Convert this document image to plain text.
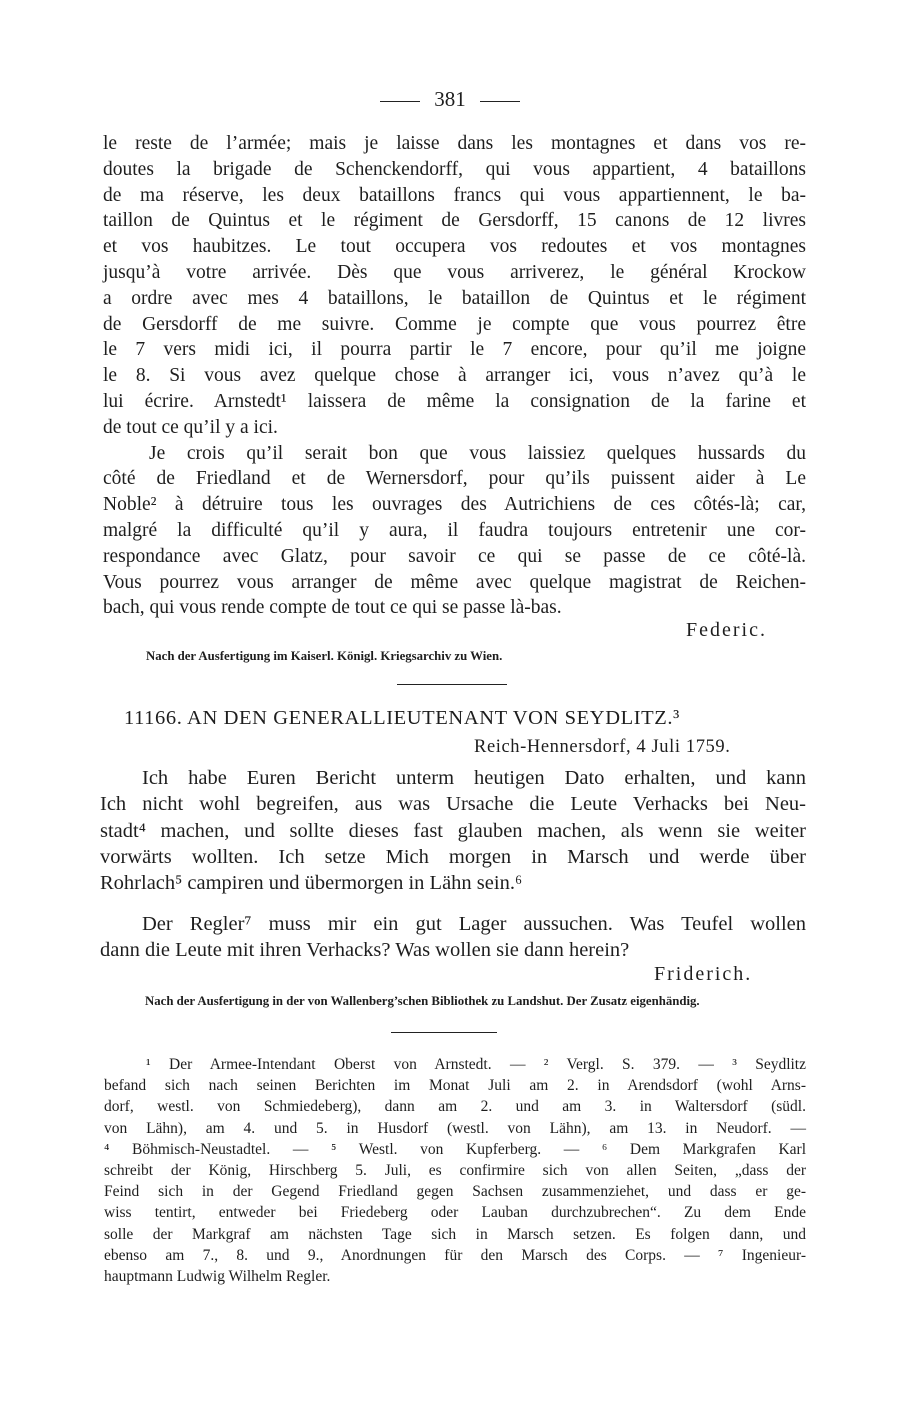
381
le reste de l’armée; mais je laisse dans les montagnes et dans vos re-
doutes la brigade de Schenckendorff, qui vous appartient, 4 bataillons
de ma réserve, les deux bataillons francs qui vous appartiennent, le ba-
taillon de Quintus et le régiment de Gersdorff, 15 canons de 12 livres
et vos haubitzes. Le tout occupera vos redoutes et vos montagnes
jusqu’à votre arrivée. Dès que vous arriverez, le général Krockow
a ordre avec mes 4 bataillons, le bataillon de Quintus et le régiment
de Gersdorff de me suivre. Comme je compte que vous pourrez être
le 7 vers midi ici, il pourra partir le 7 encore, pour qu’il me joigne
le 8. Si vous avez quelque chose à arranger ici, vous n’avez qu’à le
lui écrire. Arnstedt¹ laissera de même la consignation de la farine et
de tout ce qu’il y a ici.
Je crois qu’il serait bon que vous laissiez quelques hussards du
côté de Friedland et de Wernersdorf, pour qu’ils puissent aider à Le
Noble² à détruire tous les ouvrages des Autrichiens de ces côtés-là; car,
malgré la difficulté qu’il y aura, il faudra toujours entretenir une cor-
respondance avec Glatz, pour savoir ce qui se passe de ce côté-là.
Vous pourrez vous arranger de même avec quelque magistrat de Reichen-
bach, qui vous rende compte de tout ce qui se passe là-bas.
Federic.
Nach der Ausfertigung im Kaiserl. Königl. Kriegsarchiv zu Wien.
11166. AN DEN GENERALLIEUTENANT VON SEYDLITZ.³
Reich-Hennersdorf, 4 Juli 1759.
Ich habe Euren Bericht unterm heutigen Dato erhalten, und kann
Ich nicht wohl begreifen, aus was Ursache die Leute Verhacks bei Neu-
stadt⁴ machen, und sollte dieses fast glauben machen, als wenn sie weiter
vorwärts wollten. Ich setze Mich morgen in Marsch und werde über
Rohrlach⁵ campiren und übermorgen in Lähn sein.⁶
Der Regler⁷ muss mir ein gut Lager aussuchen. Was Teufel wollen
dann die Leute mit ihren Verhacks? Was wollen sie dann herein?
Friderich.
Nach der Ausfertigung in der von Wallenberg’schen Bibliothek zu Landshut. Der Zusatz eigenhändig.
¹ Der Armee-Intendant Oberst von Arnstedt. — ² Vergl. S. 379. — ³ Seydlitz
befand sich nach seinen Berichten im Monat Juli am 2. in Arendsdorf (wohl Arns-
dorf, westl. von Schmiedeberg), dann am 2. und am 3. in Waltersdorf (südl.
von Lähn), am 4. und 5. in Husdorf (westl. von Lähn), am 13. in Neudorf. —
⁴ Böhmisch-Neustadtel. — ⁵ Westl. von Kupferberg. — ⁶ Dem Markgrafen Karl
schreibt der König, Hirschberg 5. Juli, es confirmire sich von allen Seiten, „dass der
Feind sich in der Gegend Friedland gegen Sachsen zusammenziehet, und dass er ge-
wiss tentirt, entweder bei Friedeberg oder Lauban durchzubrechen“. Zu dem Ende
solle der Markgraf am nächsten Tage sich in Marsch setzen. Es folgen dann, und
ebenso am 7., 8. und 9., Anordnungen für den Marsch des Corps. — ⁷ Ingenieur-
hauptmann Ludwig Wilhelm Regler.
